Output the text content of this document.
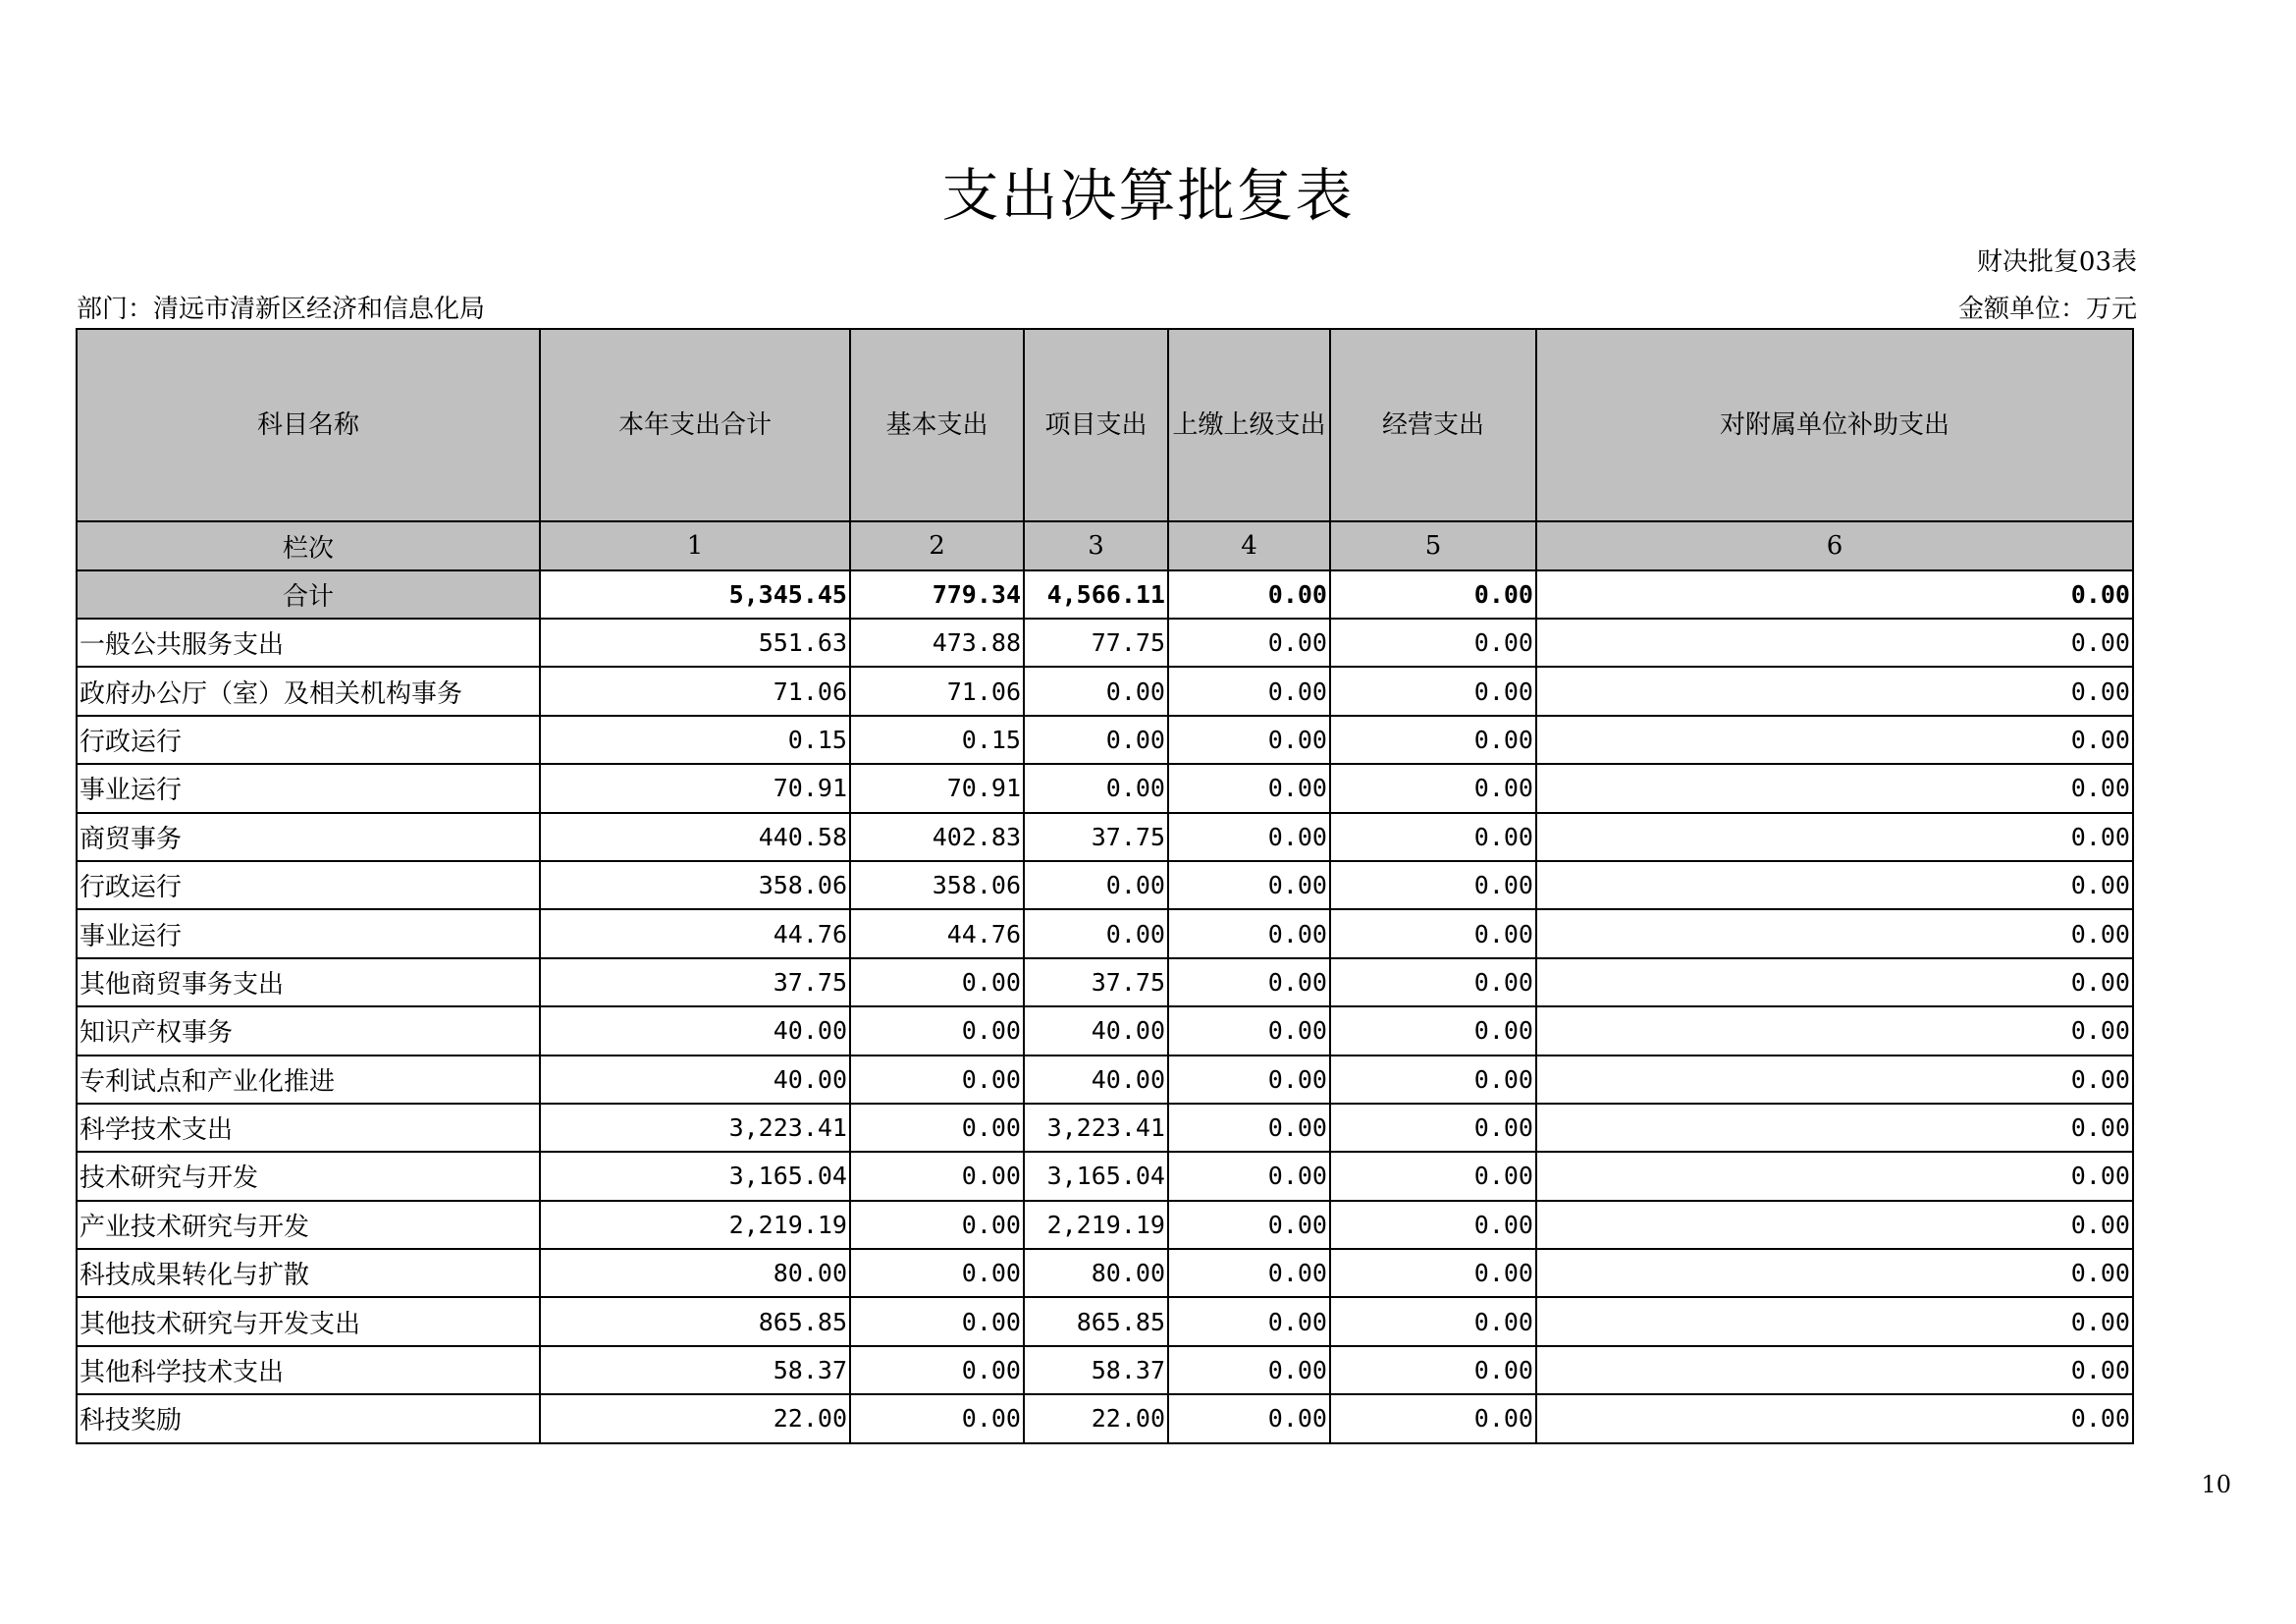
支出决算批复表
财决批复03表
部门：清远市清新区经济和信息化局	金额单位：万元
科目名称	本年支出合计	基本支出	项目支出	上缴上级支出	经营支出	对附属单位补助支出
栏次	1	2	3	4	5	6
合计	5,345.45	779.34	4,566.11	0.00	0.00	0.00
一般公共服务支出	551.63	473.88	77.75	0.00	0.00	0.00
政府办公厅（室）及相关机构事务	71.06	71.06	0.00	0.00	0.00	0.00
行政运行	0.15	0.15	0.00	0.00	0.00	0.00
事业运行	70.91	70.91	0.00	0.00	0.00	0.00
商贸事务	440.58	402.83	37.75	0.00	0.00	0.00
行政运行	358.06	358.06	0.00	0.00	0.00	0.00
事业运行	44.76	44.76	0.00	0.00	0.00	0.00
其他商贸事务支出	37.75	0.00	37.75	0.00	0.00	0.00
知识产权事务	40.00	0.00	40.00	0.00	0.00	0.00
专利试点和产业化推进	40.00	0.00	40.00	0.00	0.00	0.00
科学技术支出	3,223.41	0.00	3,223.41	0.00	0.00	0.00
技术研究与开发	3,165.04	0.00	3,165.04	0.00	0.00	0.00
产业技术研究与开发	2,219.19	0.00	2,219.19	0.00	0.00	0.00
科技成果转化与扩散	80.00	0.00	80.00	0.00	0.00	0.00
其他技术研究与开发支出	865.85	0.00	865.85	0.00	0.00	0.00
其他科学技术支出	58.37	0.00	58.37	0.00	0.00	0.00
科技奖励	22.00	0.00	22.00	0.00	0.00	0.00
10
